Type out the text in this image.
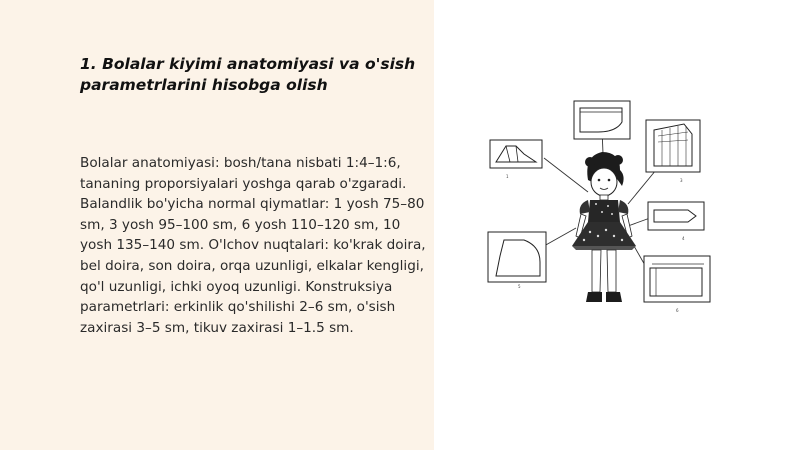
1. Bolalar kiyimi anatomiyasi va o'sish parametrlarini hisobga olish

Bolalar anatomiyasi: bosh/tana nisbati 1:4–1:6, tananing proporsiyalari yoshga qarab o'zgaradi. Balandlik bo'yicha normal qiymatlar: 1 yosh 75–80 sm, 3 yosh 95–100 sm, 6 yosh 110–120 sm, 10 yosh 135–140 sm. O'lchov nuqtalari: ko'krak doira, bel doira, son doira, orqa uzunligi, elkalar kengligi, qo'l uzunligi, ichki oyoq uzunligi. Konstruksiya parametrlari: erkinlik qo'shilishi 2–6 sm, o'sish zaxirasi 3–5 sm, tikuv zaxirasi 1–1.5 sm.

1
3
4
5
6
